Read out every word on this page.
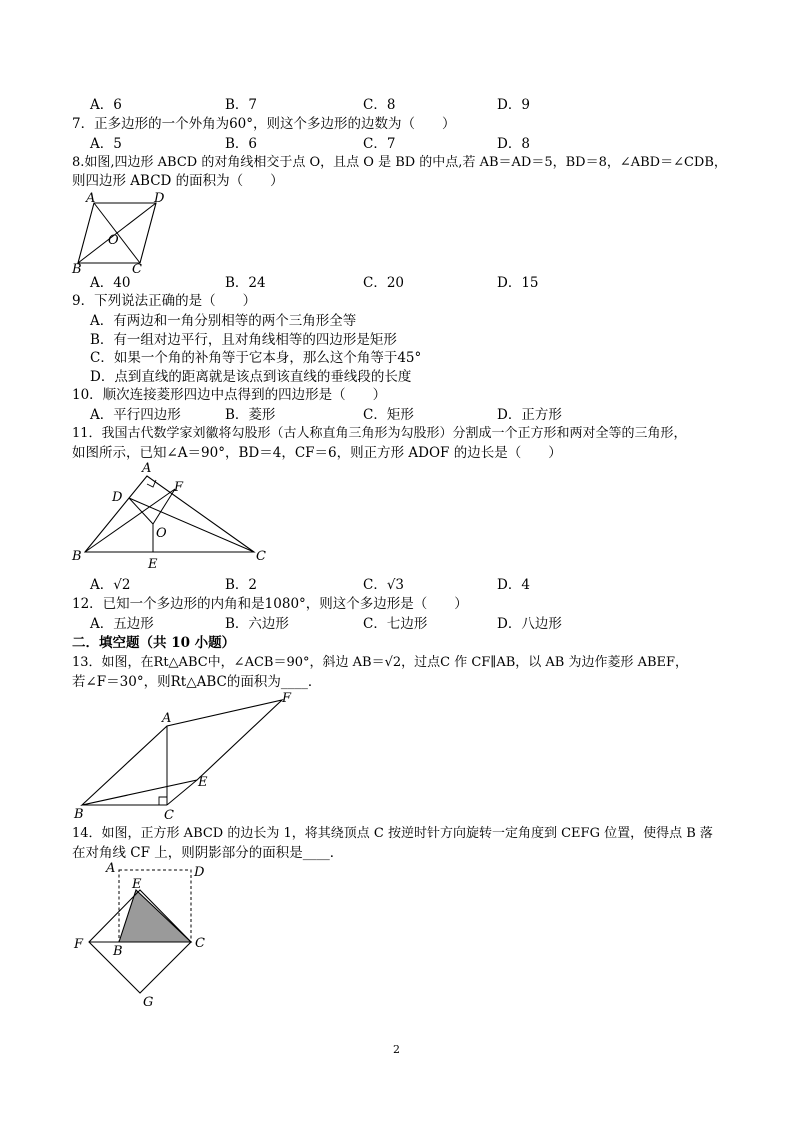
A．6	B．7	C．8	D．9
7．正多边形的一个外角为60°，则这个多边形的边数为（　　）
A．5	B．6	C．7	D．8
8.如图,四边形 ABCD 的对角线相交于点 O，且点 O 是 BD 的中点,若 AB＝AD＝5，BD＝8，∠ABD＝∠CDB，
则四边形 ABCD 的面积为（　　）
A	D
O
B	C
A．40	B．24	C．20	D．15
9．下列说法正确的是（　　）
A．有两边和一角分别相等的两个三角形全等
B．有一组对边平行，且对角线相等的四边形是矩形
C．如果一个角的补角等于它本身，那么这个角等于45°
D．点到直线的距离就是该点到该直线的垂线段的长度
10．顺次连接菱形四边中点得到的四边形是（　　）
A．平行四边形	B．菱形	C．矩形	D．正方形
11．我国古代数学家刘徽将勾股形（古人称直角三角形为勾股形）分割成一个正方形和两对全等的三角形，
如图所示，已知∠A＝90°，BD＝4，CF＝6，则正方形 ADOF 的边长是（　　）
A
D
F
O
B
E
C
A．√2	B．2	C．√3	D．4
12．已知一个多边形的内角和是1080°，则这个多边形是（　　）
A．五边形	B．六边形	C．七边形	D．八边形
二．填空题（共 10 小题）
13．如图，在Rt△ABC中，∠ACB＝90°，斜边 AB＝√2，过点C 作 CF∥AB，以 AB 为边作菱形 ABEF，
若∠F＝30°，则Rt△ABC的面积为____．
A
F
E
B	C
14．如图，正方形 ABCD 的边长为 1，将其绕顶点 C 按逆时针方向旋转一定角度到 CEFG 位置，使得点 B 落
在对角线 CF 上，则阴影部分的面积是____．
A	D
E
F B
C
G
2
